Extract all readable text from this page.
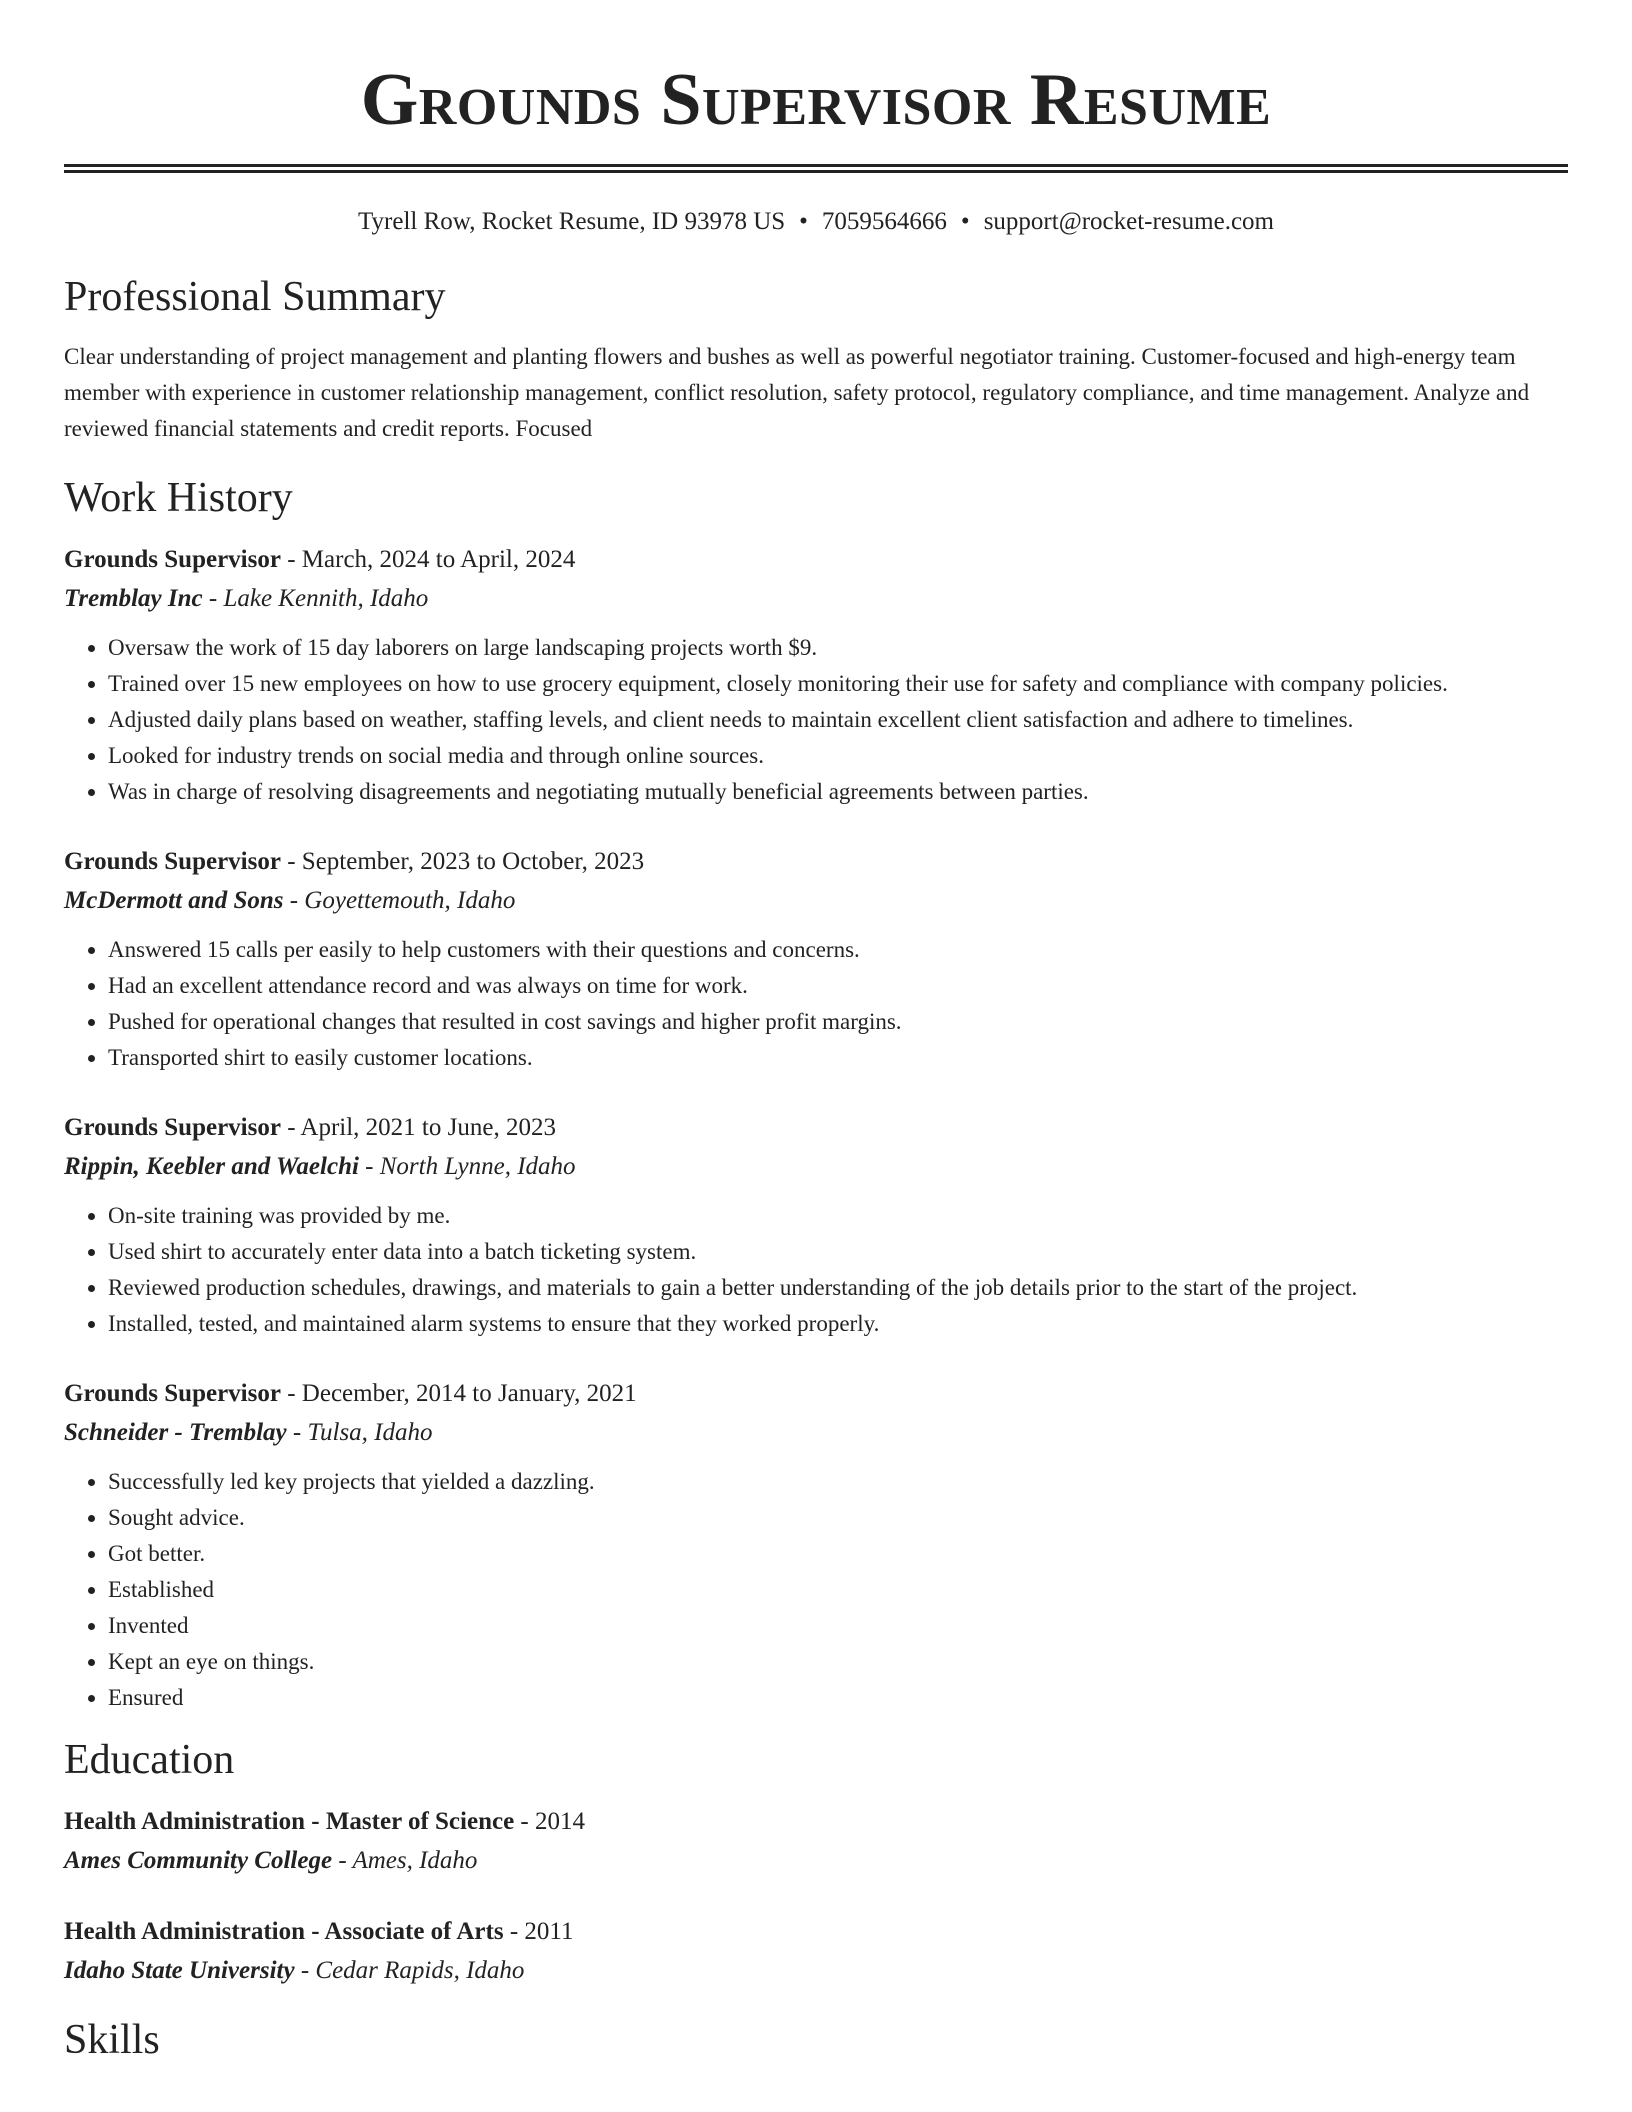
Grounds Supervisor Resume
Tyrell Row, Rocket Resume, ID 93978 US • 7059564666 • support@rocket-resume.com
Professional Summary

Clear understanding of project management and planting flowers and bushes as well as powerful negotiator training. Customer-focused and high-energy team member with experience in customer relationship management, conflict resolution, safety protocol, regulatory compliance, and time management. Analyze and reviewed financial statements and credit reports. Focused

Work History
Grounds Supervisor - March, 2024 to April, 2024
Tremblay Inc - Lake Kennith, Idaho
• Oversaw the work of 15 day laborers on large landscaping projects worth $9.
• Trained over 15 new employees on how to use grocery equipment, closely monitoring their use for safety and compliance with company policies.
• Adjusted daily plans based on weather, staffing levels, and client needs to maintain excellent client satisfaction and adhere to timelines.
• Looked for industry trends on social media and through online sources.
• Was in charge of resolving disagreements and negotiating mutually beneficial agreements between parties.
Grounds Supervisor - September, 2023 to October, 2023
McDermott and Sons - Goyettemouth, Idaho
• Answered 15 calls per easily to help customers with their questions and concerns.
• Had an excellent attendance record and was always on time for work.
• Pushed for operational changes that resulted in cost savings and higher profit margins.
• Transported shirt to easily customer locations.
Grounds Supervisor - April, 2021 to June, 2023
Rippin, Keebler and Waelchi - North Lynne, Idaho
• On-site training was provided by me.
• Used shirt to accurately enter data into a batch ticketing system.
• Reviewed production schedules, drawings, and materials to gain a better understanding of the job details prior to the start of the project.
• Installed, tested, and maintained alarm systems to ensure that they worked properly.
Grounds Supervisor - December, 2014 to January, 2021
Schneider - Tremblay - Tulsa, Idaho
• Successfully led key projects that yielded a dazzling.
• Sought advice.
• Got better.
• Established
• Invented
• Kept an eye on things.
• Ensured
Education
Health Administration - Master of Science - 2014
Ames Community College - Ames, Idaho
Health Administration - Associate of Arts - 2011
Idaho State University - Cedar Rapids, Idaho
Skills
